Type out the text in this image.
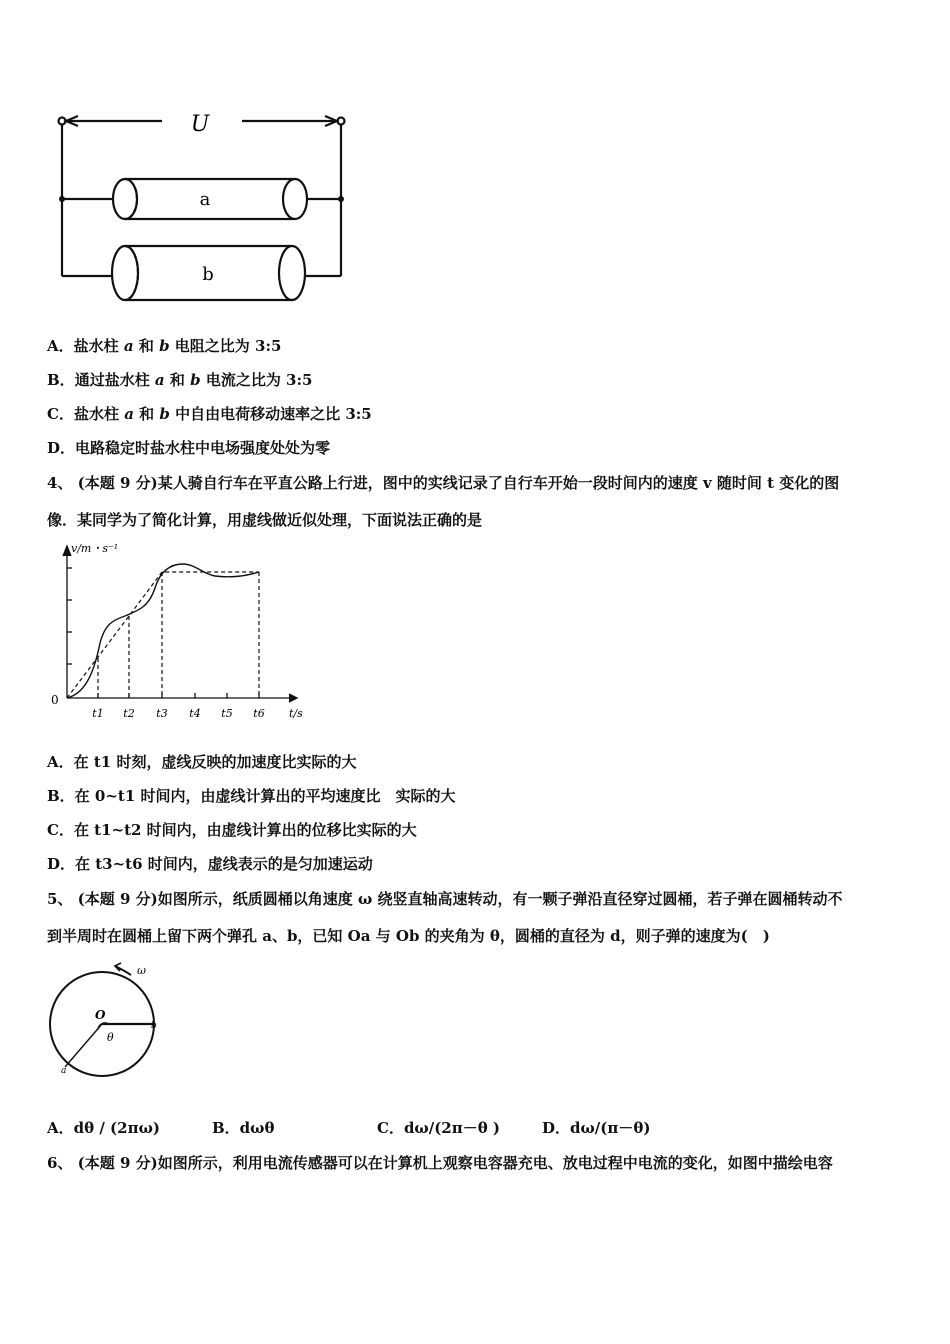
U
a
b
A．盐水柱 a 和 b 电阻之比为 3:5
B．通过盐水柱 a 和 b 电流之比为 3:5
C．盐水柱 a 和 b 中自由电荷移动速率之比 3:5
D．电路稳定时盐水柱中电场强度处处为零
4、 (本题 9 分)某人骑自行车在平直公路上行进，图中的实线记录了自行车开始一段时间内的速度 v 随时间 t 变化的图
像．某同学为了简化计算，用虚线做近似处理，下面说法正确的是
v/m・s⁻¹
t/s
0
t1 t2 t3 t4 t5 t6
A．在 t1 时刻，虚线反映的加速度比实际的大
B．在 0~t1 时间内，由虚线计算出的平均速度比　实际的大
C．在 t1~t2 时间内，由虚线计算出的位移比实际的大
D．在 t3~t6 时间内，虚线表示的是匀加速运动
5、 (本题 9 分)如图所示，纸质圆桶以角速度 ω 绕竖直轴高速转动，有一颗子弹沿直径穿过圆桶，若子弹在圆桶转动不
到半周时在圆桶上留下两个弹孔 a、b，已知 Oa 与 Ob 的夹角为 θ，圆桶的直径为 d，则子弹的速度为(　)
O
θ
ω
b
a
A．dθ / (2πω)	B．dωθ	C．dω/(2π－θ )	D．dω/(π－θ)
6、 (本题 9 分)如图所示，利用电流传感器可以在计算机上观察电容器充电、放电过程中电流的变化，如图中描绘电容
